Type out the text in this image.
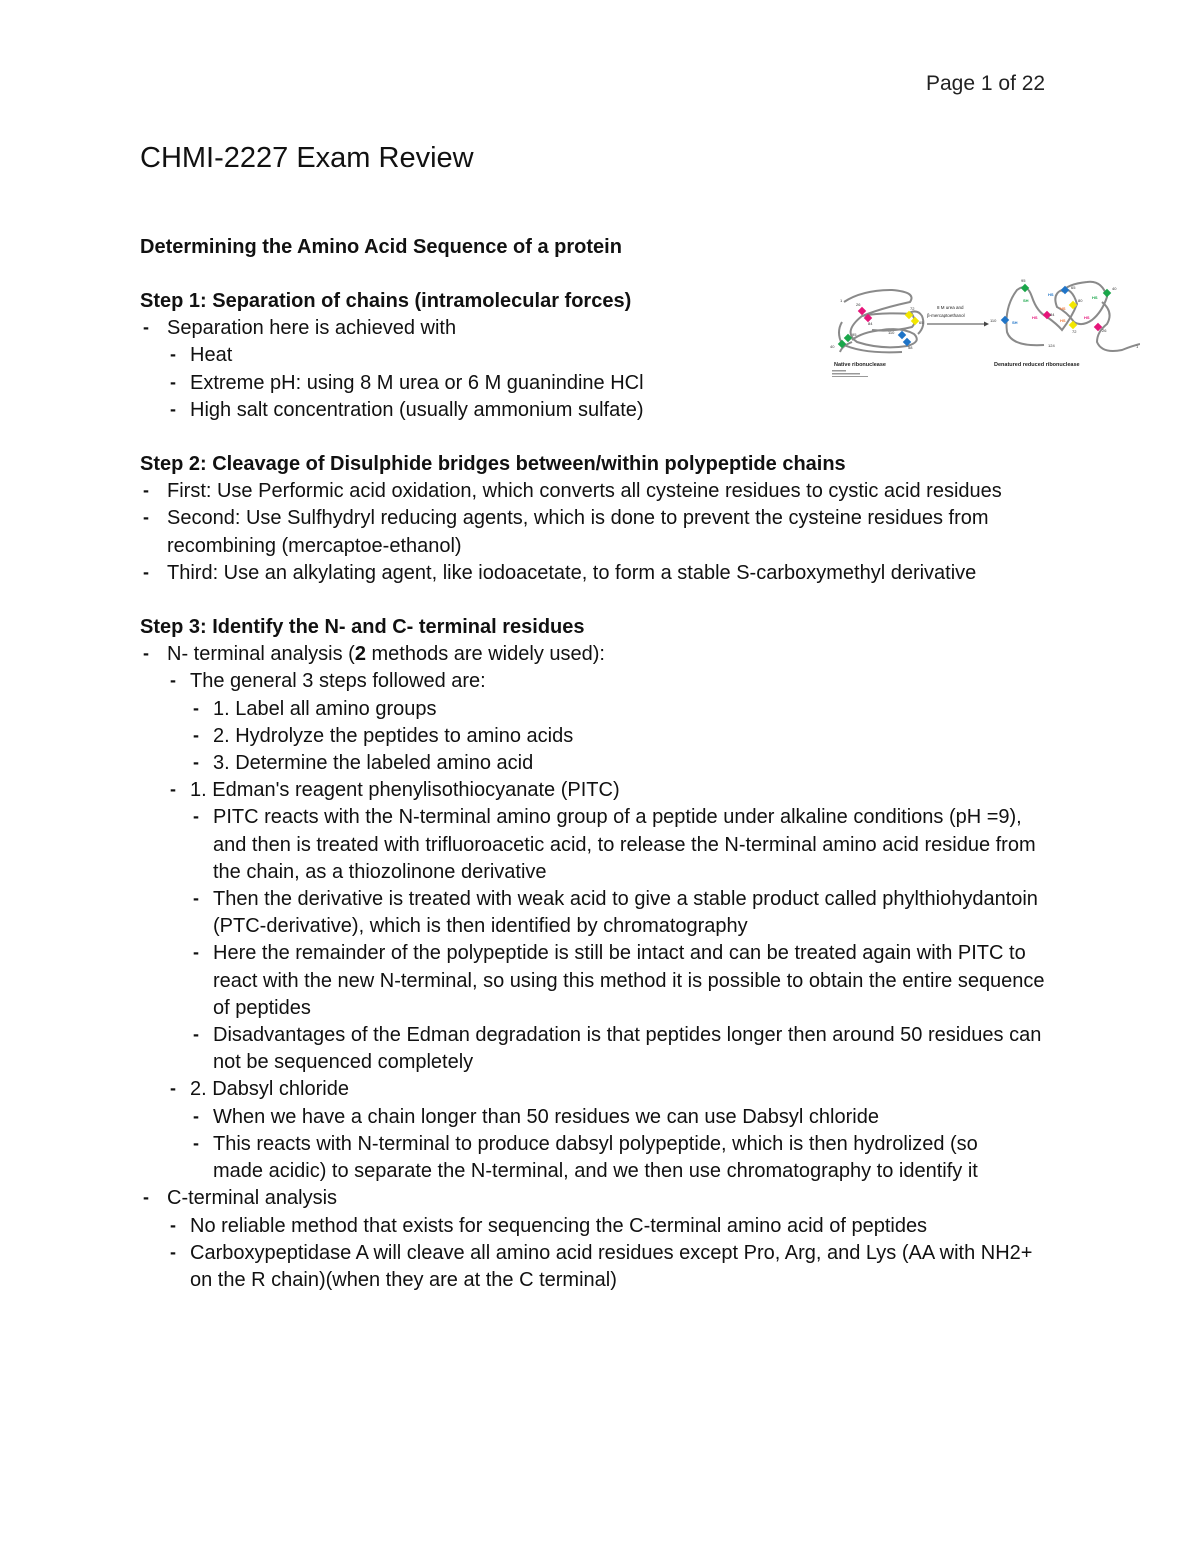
Page 1 of 22
CHMI-2227 Exam Review
Determining the Amino Acid Sequence of a protein
26
84
72
65
110
58
40
95
1
Native ribonuclease
8 M urea and
β-mercaptoethanol
SH
SH
HS
HS
HS
HS
HS
HS
95
65	40
110
84
80
72	26
124	1
Denatured reduced ribonuclease

Step 1: Separation of chains (intramolecular forces)

- Separation here is achieved with
- Heat
- Extreme pH: using 8 M urea or 6 M guanindine HCl
- High salt concentration (usually ammonium sulfate)

Step 2: Cleavage of Disulphide bridges between/within polypeptide chains

- First: Use Performic acid oxidation, which converts all cysteine residues to cystic acid residues
- Second: Use Sulfhydryl reducing agents, which is done to prevent the cysteine residues from recombining (mercaptoe-ethanol)
- Third: Use an alkylating agent, like iodoacetate, to form a stable S-carboxymethyl derivative

Step 3: Identify the N- and C- terminal residues

- N- terminal analysis (2 methods are widely used):
- The general 3 steps followed are:
- 1. Label all amino groups
- 2. Hydrolyze the peptides to amino acids
- 3. Determine the labeled amino acid
- 1. Edman's reagent phenylisothiocyanate (PITC)
- PITC reacts with the N-terminal amino group of a peptide under alkaline conditions (pH =9), and then is treated with trifluoroacetic acid, to release the N-terminal amino acid residue from the chain, as a thiozolinone derivative
- Then the derivative is treated with weak acid to give a stable product called phylthiohydantoin (PTC-derivative), which is then identified by chromatography
- Here the remainder of the polypeptide is still be intact and can be treated again with PITC to react with the new N-terminal, so using this method it is possible to obtain the entire sequence of peptides
- Disadvantages of the Edman degradation is that peptides longer then around 50 residues can not be sequenced completely
- 2. Dabsyl chloride
- When we have a chain longer than 50 residues we can use Dabsyl chloride
- This reacts with N-terminal to produce dabsyl polypeptide, which is then hydrolized (so made acidic) to separate the N-terminal, and we then use chromatography to identify it
- C-terminal analysis
- No reliable method that exists for sequencing the C-terminal amino acid of peptides
- Carboxypeptidase A will cleave all amino acid residues except Pro, Arg, and Lys (AA with NH2+ on the R chain)(when they are at the C terminal)
